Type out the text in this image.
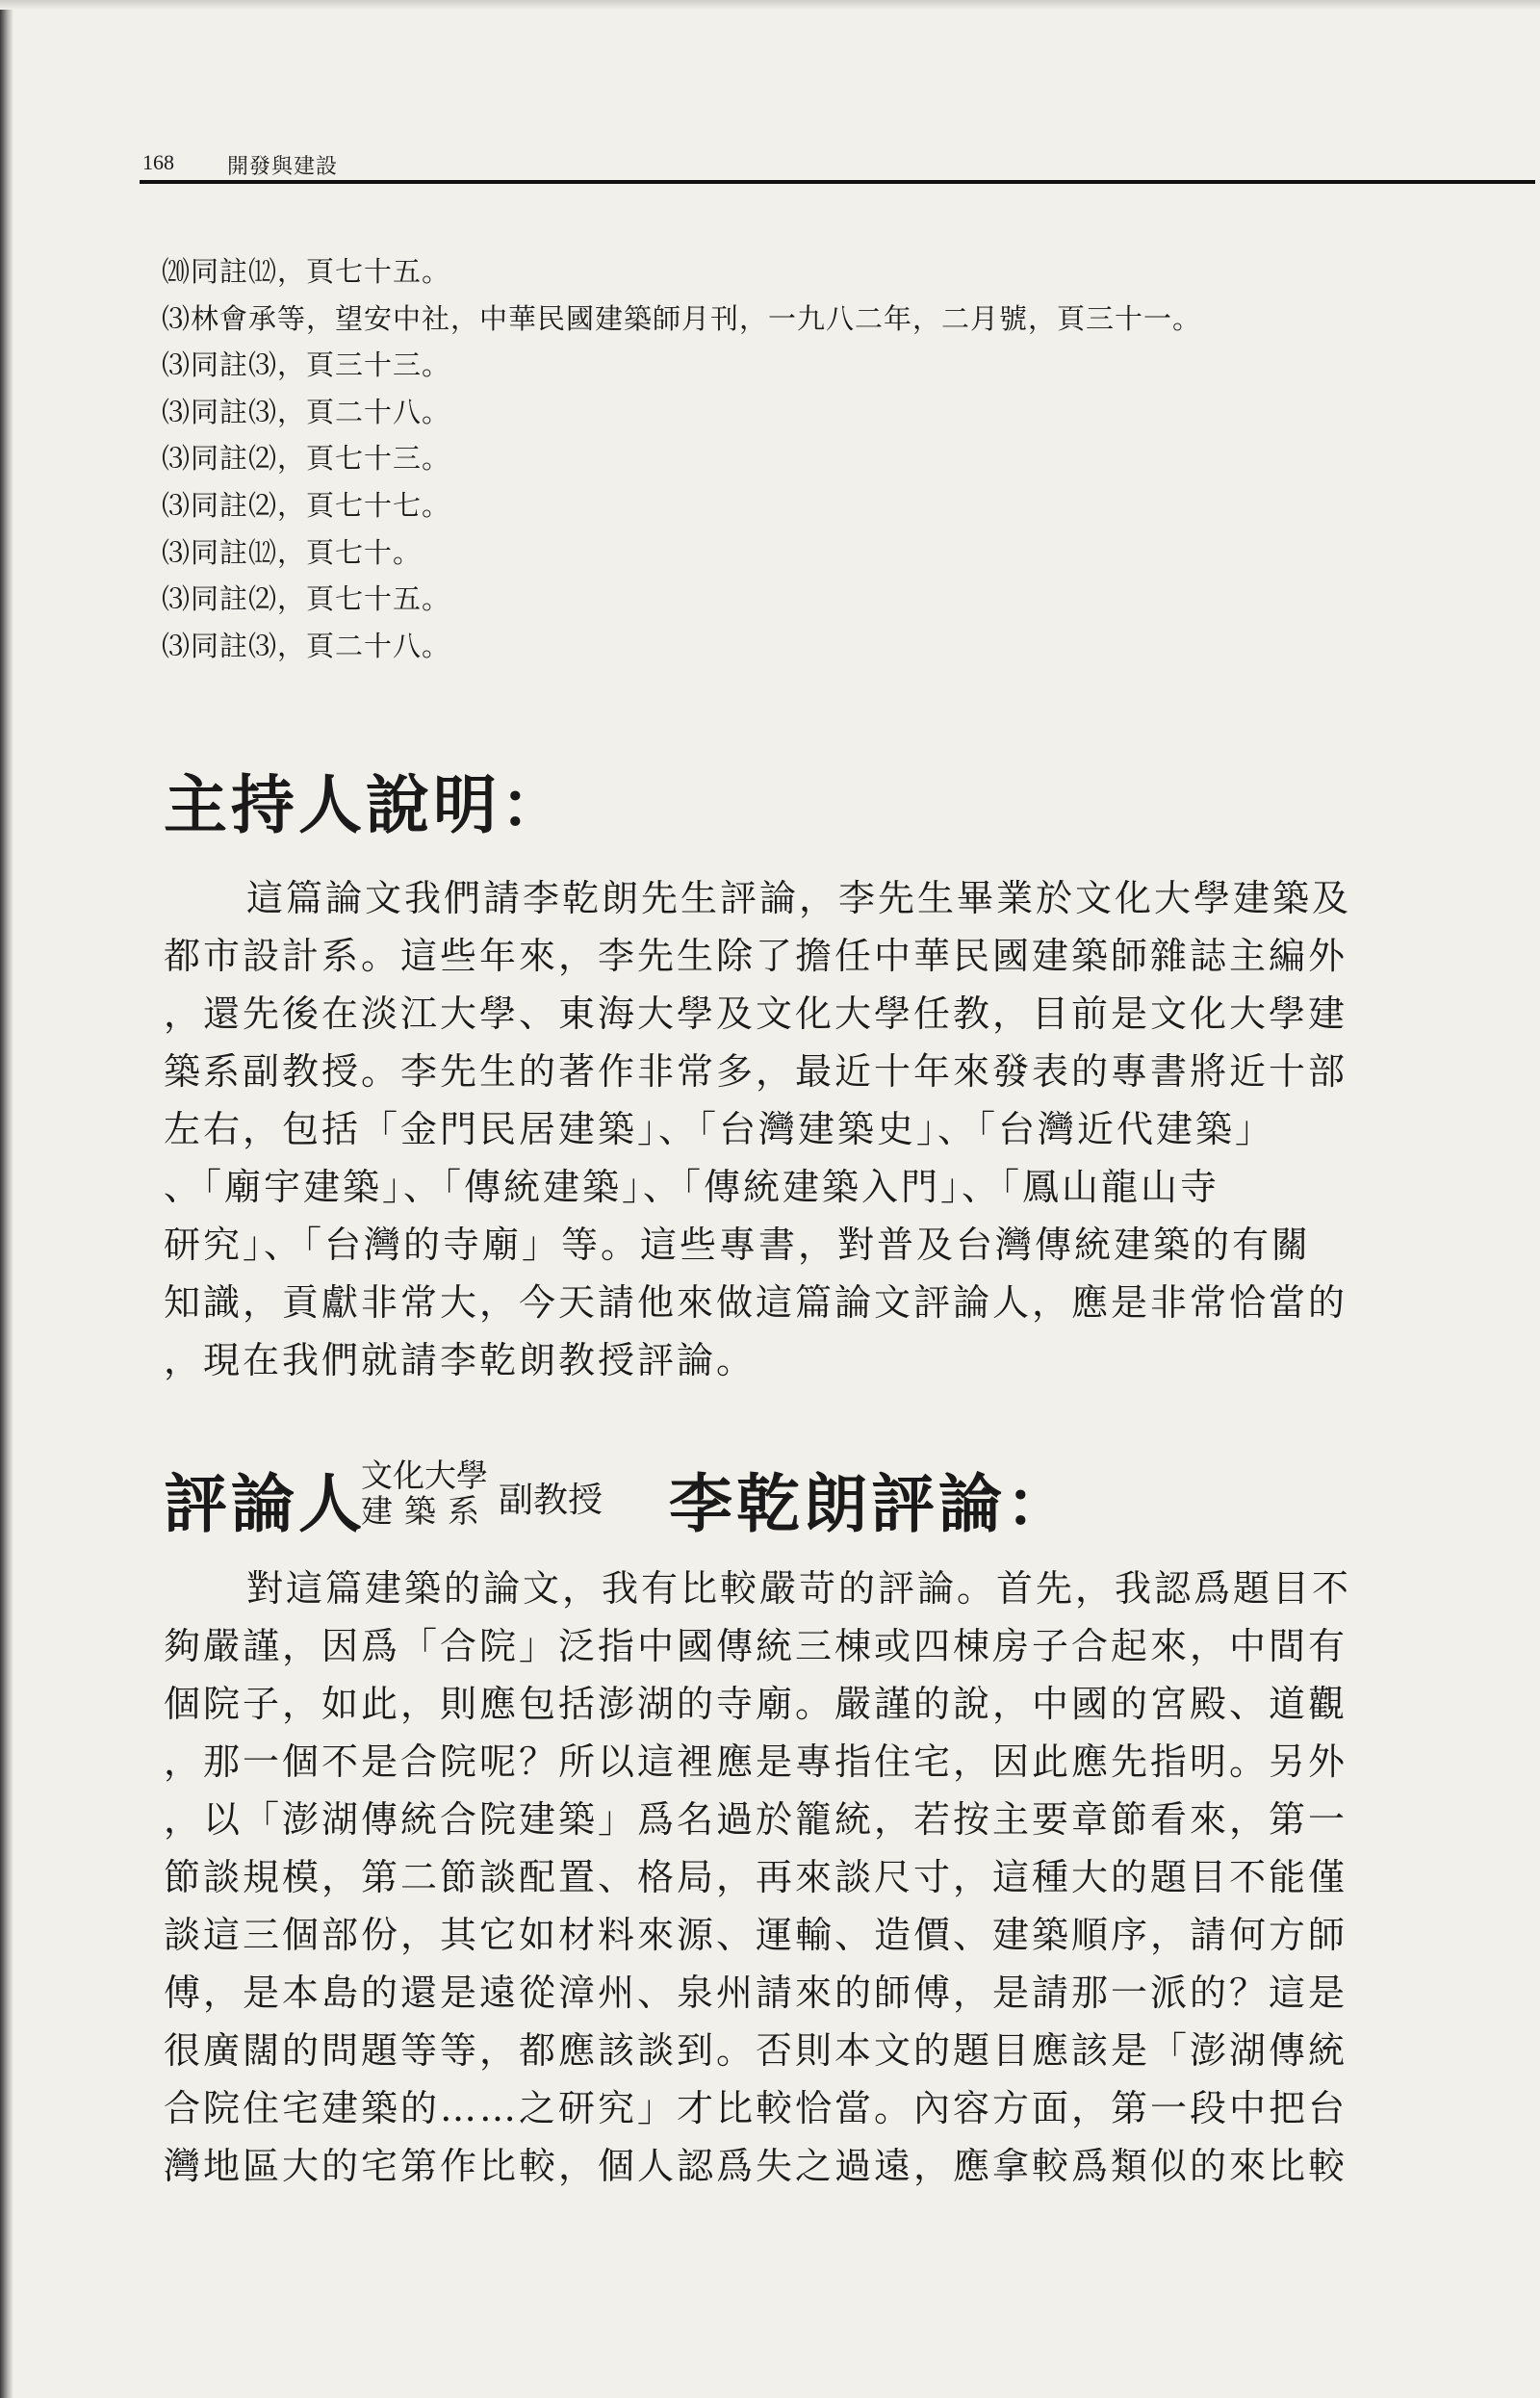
168	開發與建設
⒇同註⑿，頁七十五。
⑶林會承等，望安中社，中華民國建築師月刊，一九八二年，二月號，頁三十一。
⑶同註⑶，頁三十三。
⑶同註⑶，頁二十八。
⑶同註⑵，頁七十三。
⑶同註⑵，頁七十七。
⑶同註⑿，頁七十。
⑶同註⑵，頁七十五。
⑶同註⑶，頁二十八。
主持人說明：
這篇論文我們請李乾朗先生評論，李先生畢業於文化大學建築及
都市設計系。這些年來，李先生除了擔任中華民國建築師雜誌主編外
，還先後在淡江大學、東海大學及文化大學任教，目前是文化大學建
築系副教授。李先生的著作非常多，最近十年來發表的專書將近十部
左右，包括「金門民居建築」、「台灣建築史」、「台灣近代建築」
、「廟宇建築」、「傳統建築」、「傳統建築入門」、「鳳山龍山寺
研究」、「台灣的寺廟」等。這些專書，對普及台灣傳統建築的有關
知識，貢獻非常大，今天請他來做這篇論文評論人，應是非常恰當的
，現在我們就請李乾朗教授評論。
評論人
文化大學
建築系 副教授 李乾朗評論：
對這篇建築的論文，我有比較嚴苛的評論。首先，我認爲題目不
夠嚴謹，因爲「合院」泛指中國傳統三棟或四棟房子合起來，中間有
個院子，如此，則應包括澎湖的寺廟。嚴謹的說，中國的宮殿、道觀
，那一個不是合院呢？所以這裡應是專指住宅，因此應先指明。另外
，以「澎湖傳統合院建築」爲名過於籠統，若按主要章節看來，第一
節談規模，第二節談配置、格局，再來談尺寸，這種大的題目不能僅
談這三個部份，其它如材料來源、運輸、造價、建築順序，請何方師
傅，是本島的還是遠從漳州、泉州請來的師傅，是請那一派的？這是
很廣闊的問題等等，都應該談到。否則本文的題目應該是「澎湖傳統
合院住宅建築的……之研究」才比較恰當。內容方面，第一段中把台
灣地區大的宅第作比較，個人認爲失之過遠，應拿較爲類似的來比較
